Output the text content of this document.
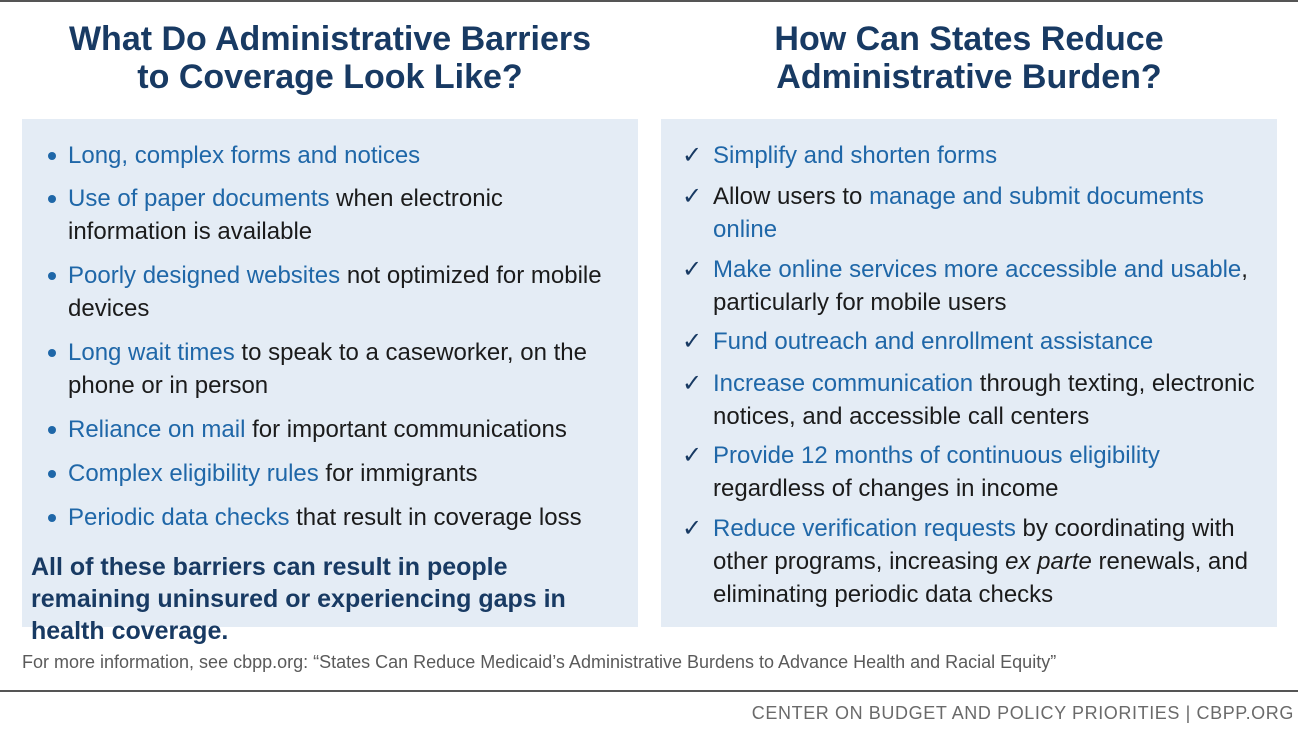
What Do Administrative Barriers
to Coverage Look Like?
How Can States Reduce
Administrative Burden?
Long, complex forms and notices
Use of paper documents when electronic information is available
Poorly designed websites not optimized for mobile devices
Long wait times to speak to a caseworker, on the phone or in person
Reliance on mail for important communications
Complex eligibility rules for immigrants
Periodic data checks that result in coverage loss
All of these barriers can result in people remaining uninsured or experiencing gaps in health coverage.
✓ Simplify and shorten forms
✓ Allow users to manage and submit documents online
✓ Make online services more accessible and usable, particularly for mobile users
✓ Fund outreach and enrollment assistance
✓ Increase communication through texting, electronic notices, and accessible call centers
✓ Provide 12 months of continuous eligibility regardless of changes in income
✓ Reduce verification requests by coordinating with other programs, increasing ex parte renewals, and eliminating periodic data checks
For more information, see cbpp.org: “States Can Reduce Medicaid’s Administrative Burdens to Advance Health and Racial Equity”
CENTER ON BUDGET AND POLICY PRIORITIES | CBPP.ORG
